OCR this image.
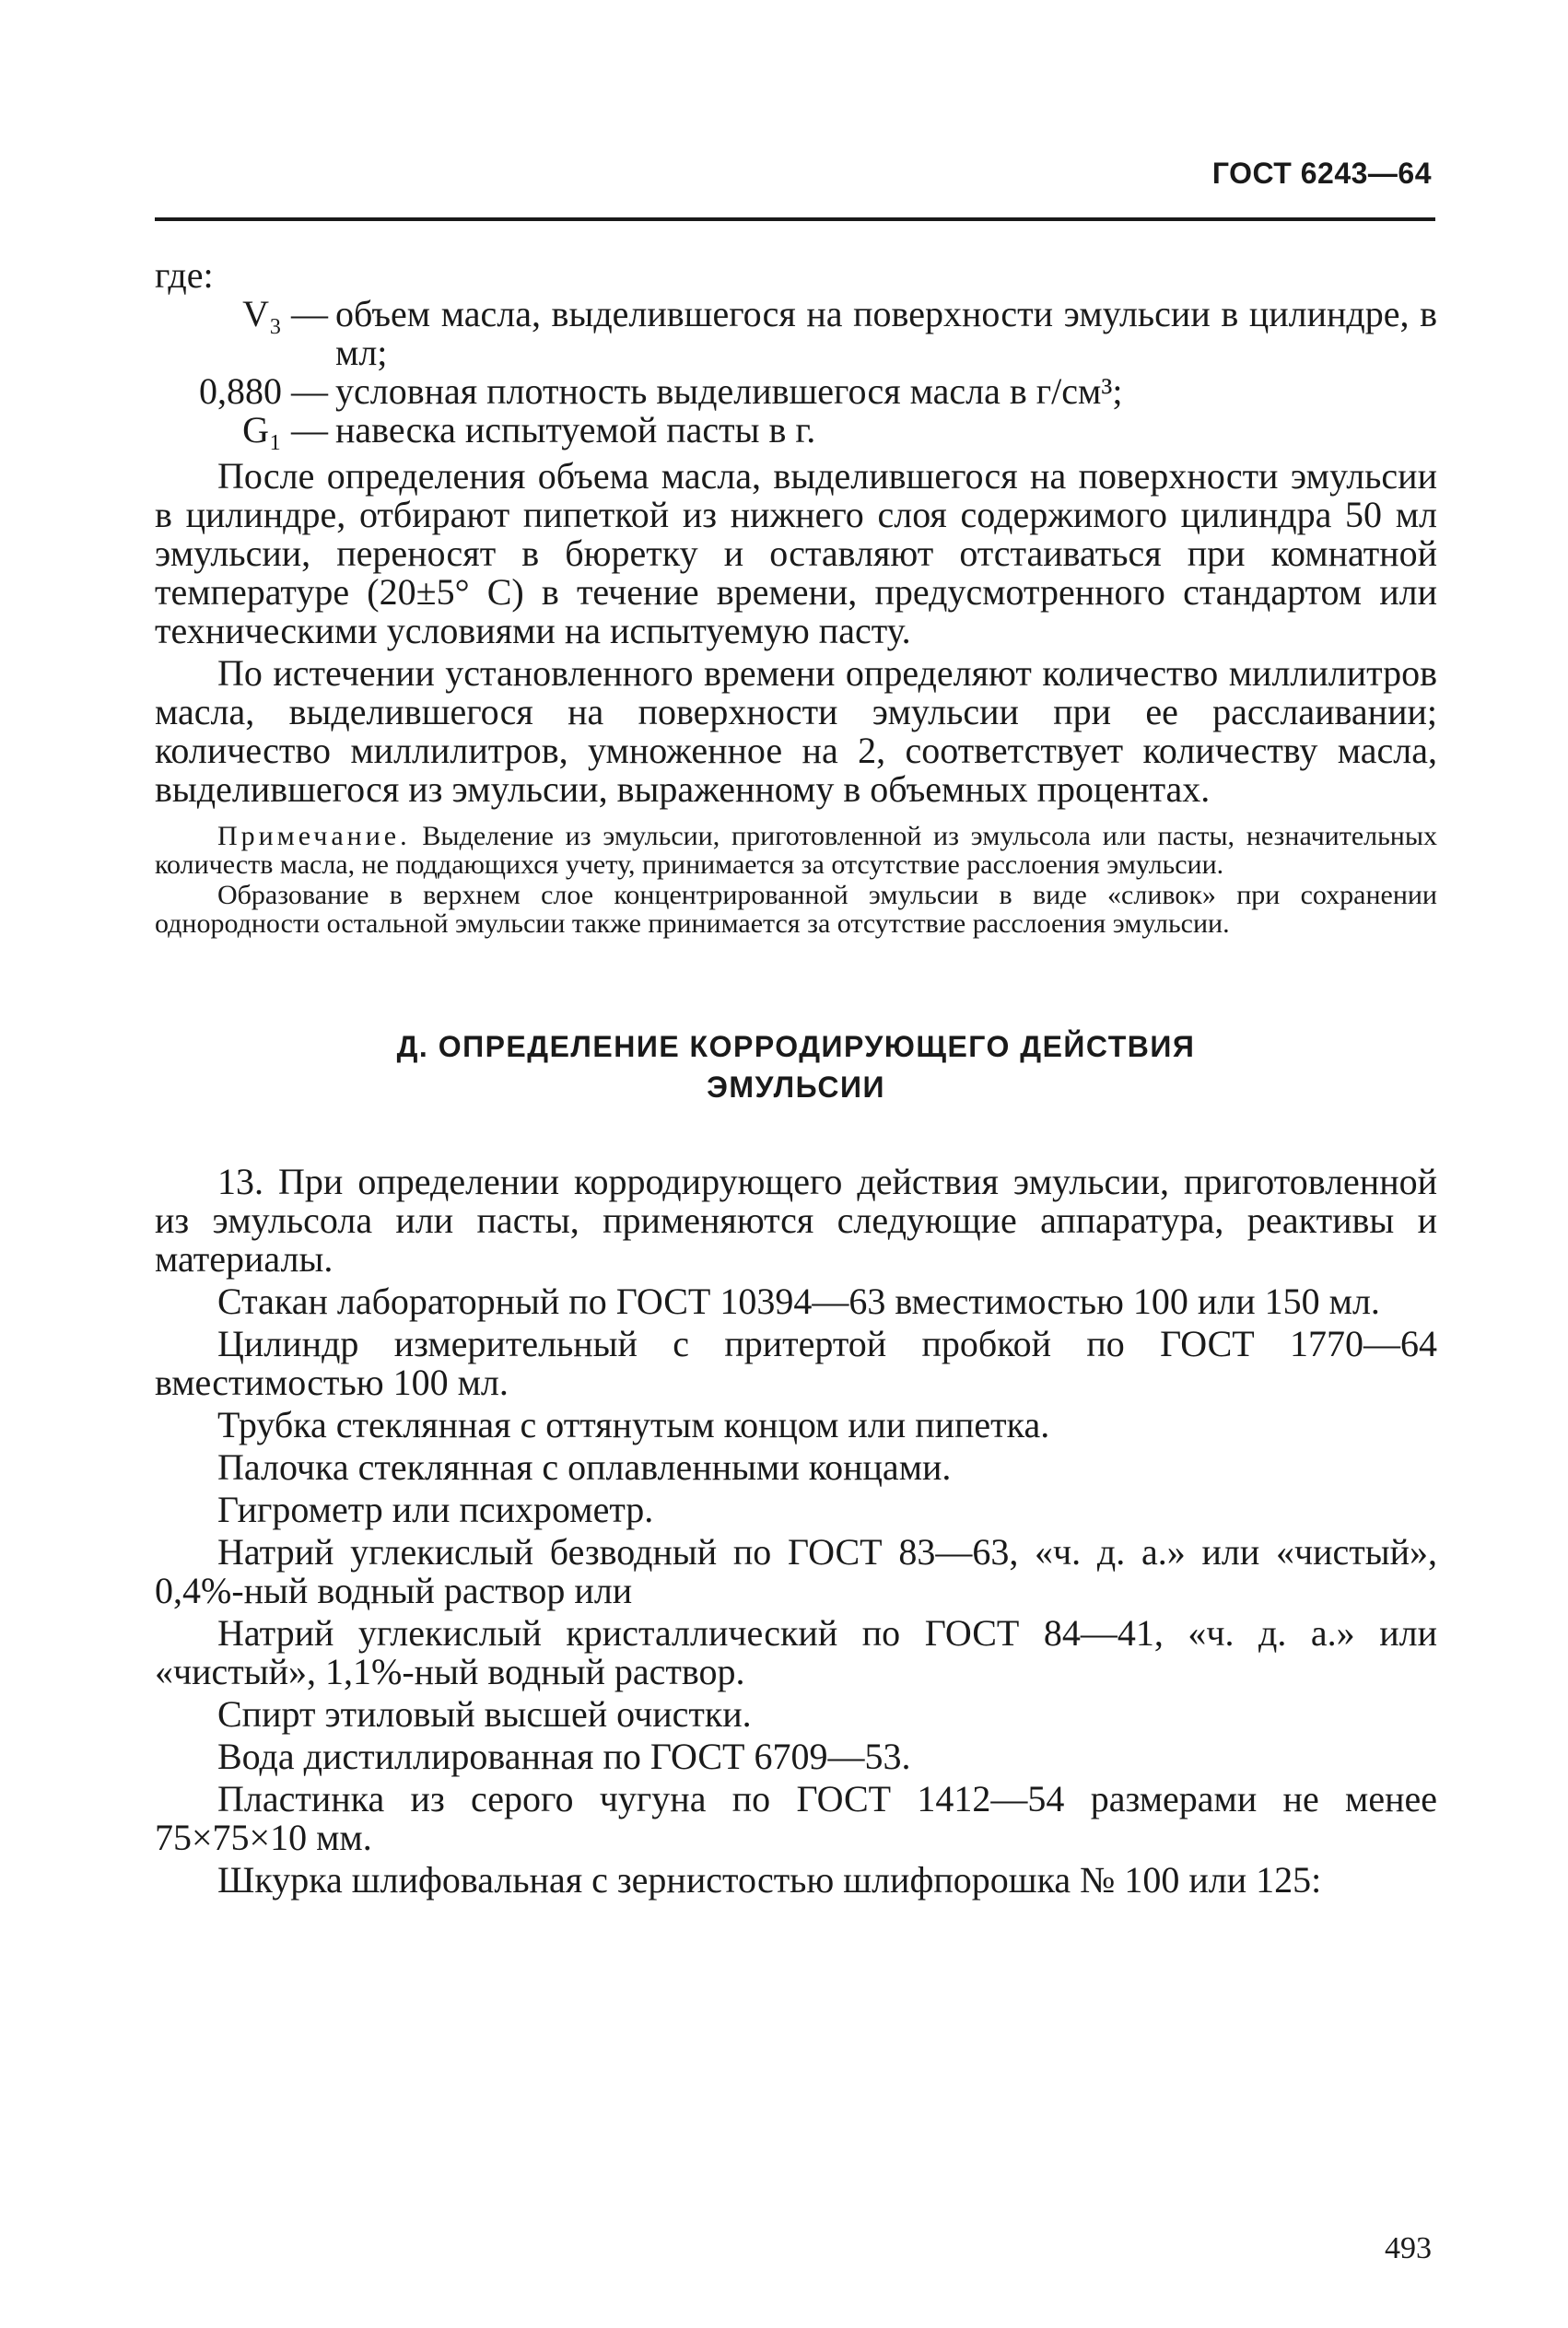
ГОСТ 6243—64

где:

V₃ — объем масла, выделившегося на поверхности эмульсии в цилиндре, в мл;
0,880 — условная плотность выделившегося масла в г/см³;
G₁ — навеска испытуемой пасты в г.

После определения объема масла, выделившегося на поверхности эмульсии в цилиндре, отбирают пипеткой из нижнего слоя содержимого цилиндра 50 мл эмульсии, переносят в бюретку и оставляют отстаиваться при комнатной температуре (20±5° С) в течение времени, предусмотренного стандартом или техническими условиями на испытуемую пасту.

По истечении установленного времени определяют количество миллилитров масла, выделившегося на поверхности эмульсии при ее расслаивании; количество миллилитров, умноженное на 2, соответствует количеству масла, выделившегося из эмульсии, выраженному в объемных процентах.

Примечание. Выделение из эмульсии, приготовленной из эмульсола или пасты, незначительных количеств масла, не поддающихся учету, принимается за отсутствие расслоения эмульсии.

Образование в верхнем слое концентрированной эмульсии в виде «сливок» при сохранении однородности остальной эмульсии также принимается за отсутствие расслоения эмульсии.

Д. ОПРЕДЕЛЕНИЕ КОРРОДИРУЮЩЕГО ДЕЙСТВИЯ
ЭМУЛЬСИИ

13. При определении корродирующего действия эмульсии, приготовленной из эмульсола или пасты, применяются следующие аппаратура, реактивы и материалы.

Стакан лабораторный по ГОСТ 10394—63 вместимостью 100 или 150 мл.

Цилиндр измерительный с притертой пробкой по ГОСТ 1770—64 вместимостью 100 мл.

Трубка стеклянная с оттянутым концом или пипетка.

Палочка стеклянная с оплавленными концами.

Гигрометр или психрометр.

Натрий углекислый безводный по ГОСТ 83—63, «ч. д. а.» или «чистый», 0,4%-ный водный раствор или

Натрий углекислый кристаллический по ГОСТ 84—41, «ч. д. а.» или «чистый», 1,1%-ный водный раствор.

Спирт этиловый высшей очистки.

Вода дистиллированная по ГОСТ 6709—53.

Пластинка из серого чугуна по ГОСТ 1412—54 размерами не менее 75×75×10 мм.

Шкурка шлифовальная с зернистостью шлифпорошка № 100 или 125:

493
